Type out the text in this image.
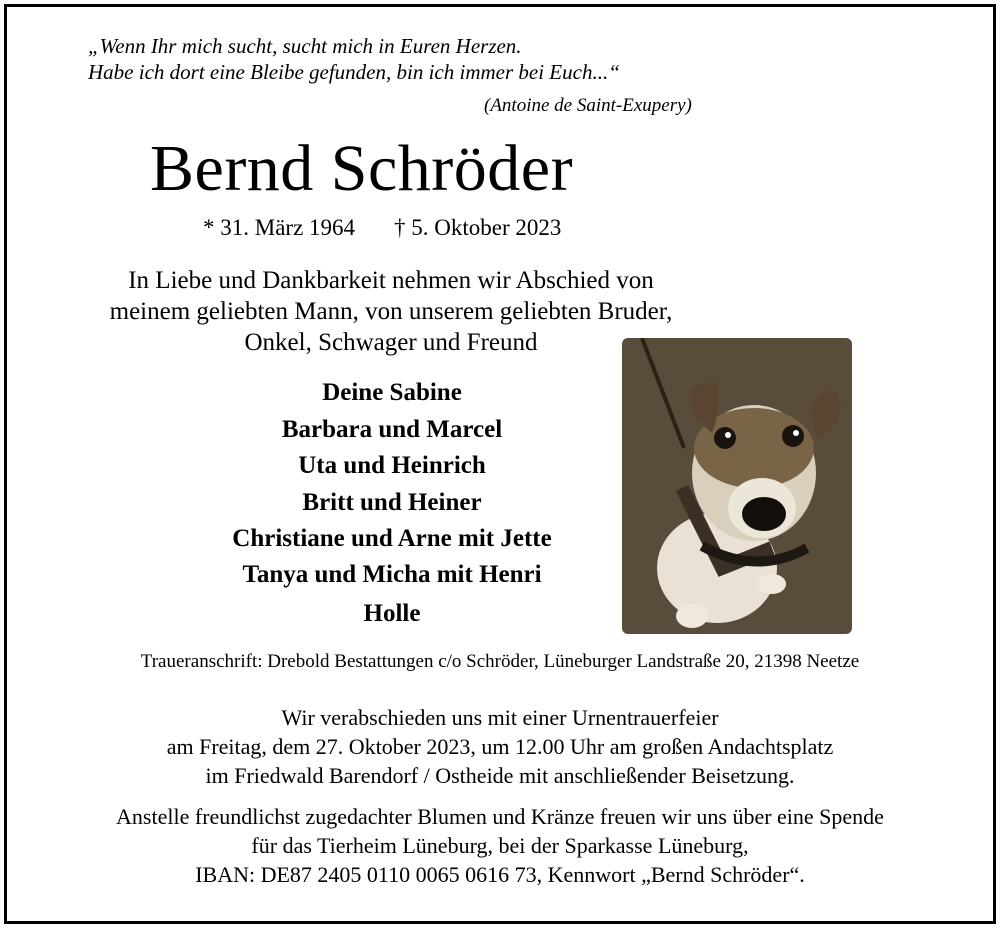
„Wenn Ihr mich sucht, sucht mich in Euren Herzen.
Habe ich dort eine Bleibe gefunden, bin ich immer bei Euch...“
(Antoine de Saint-Exupery)
Bernd Schröder
* 31. März 1964 † 5. Oktober 2023
In Liebe und Dankbarkeit nehmen wir Abschied von
meinem geliebten Mann, von unserem geliebten Bruder,
Onkel, Schwager und Freund
Deine Sabine
Barbara und Marcel
Uta und Heinrich
Britt und Heiner
Christiane und Arne mit Jette
Tanya und Micha mit Henri
Holle
Traueranschrift: Drebold Bestattungen c/o Schröder, Lüneburger Landstraße 20, 21398 Neetze
Wir verabschieden uns mit einer Urnentrauerfeier
am Freitag, dem 27. Oktober 2023, um 12.00 Uhr am großen Andachtsplatz
im Friedwald Barendorf / Ostheide mit anschließender Beisetzung.
Anstelle freundlichst zugedachter Blumen und Kränze freuen wir uns über eine Spende
für das Tierheim Lüneburg, bei der Sparkasse Lüneburg,
IBAN: DE87 2405 0110 0065 0616 73, Kennwort „Bernd Schröder“.
